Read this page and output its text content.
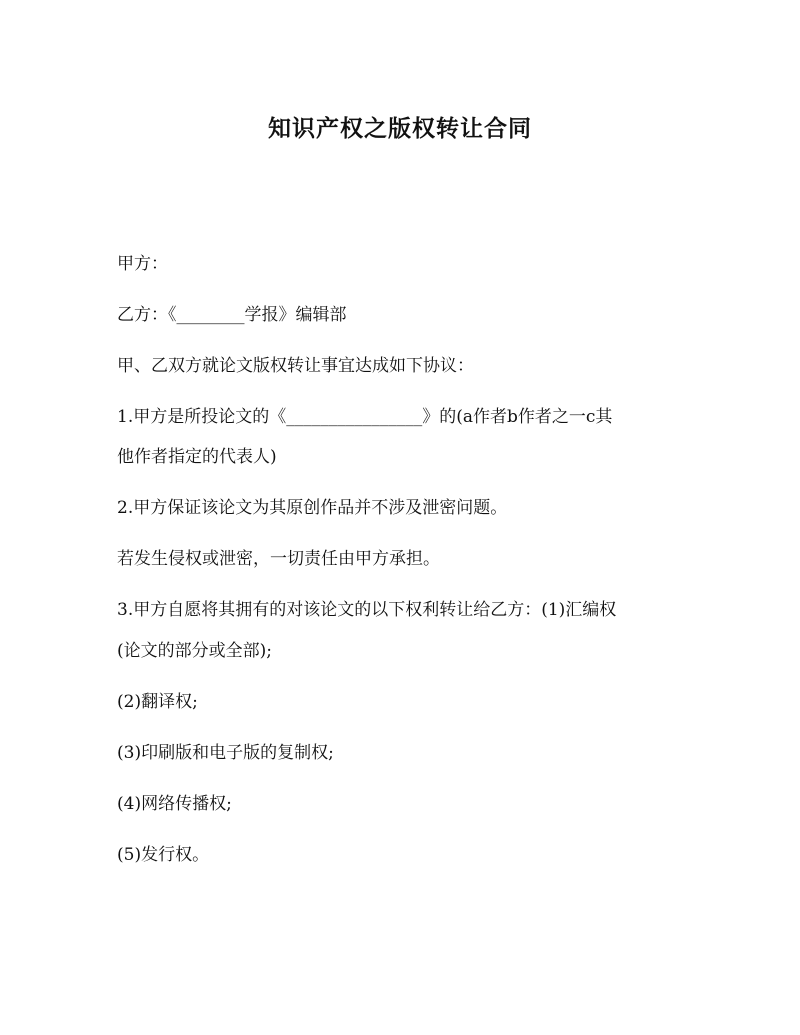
知识产权之版权转让合同

甲方：

乙方：《________学报》编辑部

甲、乙双方就论文版权转让事宜达成如下协议：

1.甲方是所投论文的《________________》的(a作者b作者之一c其

他作者指定的代表人)

2.甲方保证该论文为其原创作品并不涉及泄密问题。

若发生侵权或泄密，一切责任由甲方承担。

3.甲方自愿将其拥有的对该论文的以下权利转让给乙方：(1)汇编权

(论文的部分或全部);

(2)翻译权;

(3)印刷版和电子版的复制权;

(4)网络传播权;

(5)发行权。
